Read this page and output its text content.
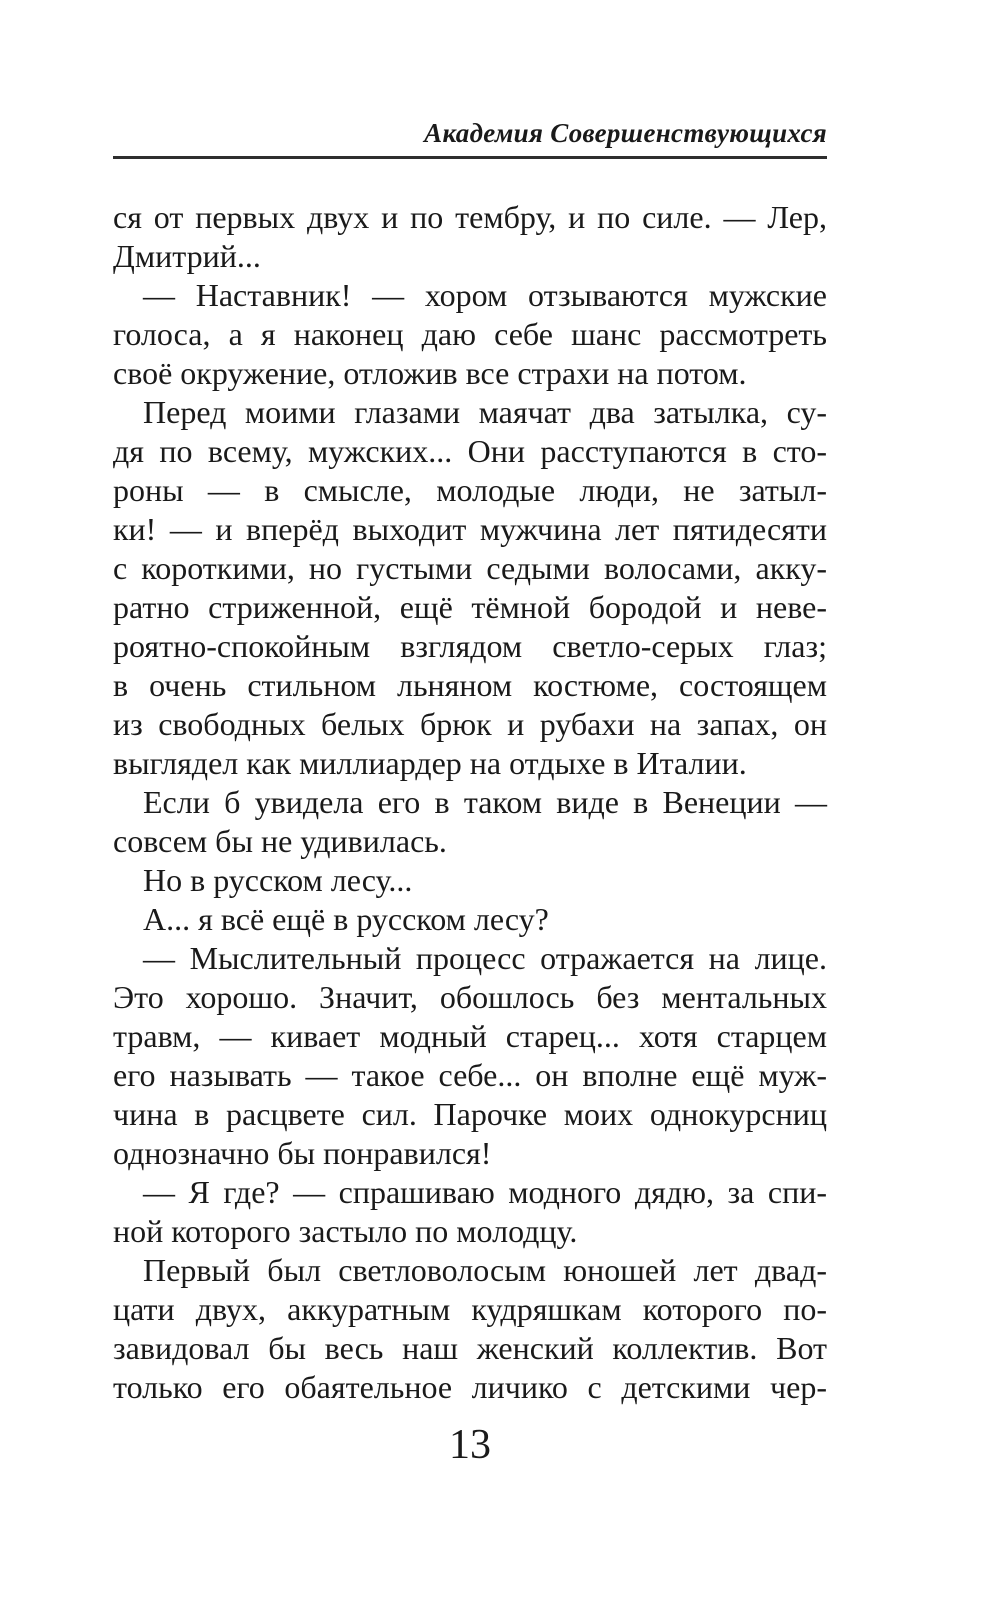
Академия Совершенствующихся
ся от первых двух и по тембру, и по силе. — Лер,
Дмитрий...
— Наставник! — хором отзываются мужские
голоса, а я наконец даю себе шанс рассмотреть
своё окружение, отложив все страхи на потом.
Перед моими глазами маячат два затылка, су-
дя по всему, мужских... Они расступаются в сто-
роны — в смысле, молодые люди, не затыл-
ки! — и вперёд выходит мужчина лет пятидесяти
с короткими, но густыми седыми волосами, акку-
ратно стриженной, ещё тёмной бородой и неве-
роятно-спокойным взглядом светло-серых глаз;
в очень стильном льняном костюме, состоящем
из свободных белых брюк и рубахи на запах, он
выглядел как миллиардер на отдыхе в Италии.
Если б увидела его в таком виде в Венеции —
совсем бы не удивилась.
Но в русском лесу...
А... я всё ещё в русском лесу?
— Мыслительный процесс отражается на лице.
Это хорошо. Значит, обошлось без ментальных
травм, — кивает модный старец... хотя старцем
его называть — такое себе... он вполне ещё муж-
чина в расцвете сил. Парочке моих однокурсниц
однозначно бы понравился!
— Я где? — спрашиваю модного дядю, за спи-
ной которого застыло по молодцу.
Первый был светловолосым юношей лет двад-
цати двух, аккуратным кудряшкам которого по-
завидовал бы весь наш женский коллектив. Вот
только его обаятельное личико с детскими чер-
13
